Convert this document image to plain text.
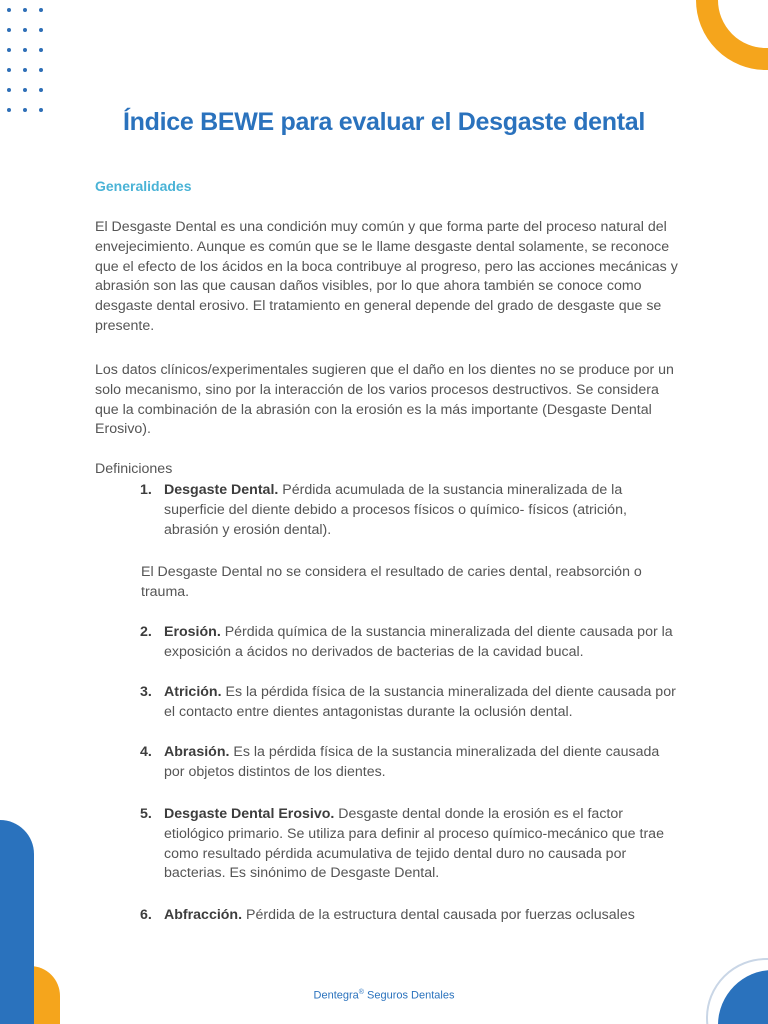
Índice BEWE para evaluar el Desgaste dental
Generalidades

El Desgaste Dental es una condición muy común y que forma parte del proceso natural del envejecimiento. Aunque es común que se le llame desgaste dental solamente, se reconoce que el efecto de los ácidos en la boca contribuye al progreso, pero las acciones mecánicas y abrasión son las que causan daños visibles, por lo que ahora también se conoce como desgaste dental erosivo. El tratamiento en general depende del grado de desgaste que se presente.

Los datos clínicos/experimentales sugieren que el daño en los dientes no se produce por un solo mecanismo, sino por la interacción de los varios procesos destructivos. Se considera que la combinación de la abrasión con la erosión es la más importante (Desgaste Dental Erosivo).

Definiciones

1. Desgaste Dental. Pérdida acumulada de la sustancia mineralizada de la superficie del diente debido a procesos físicos o químico- físicos (atrición, abrasión y erosión dental).

El Desgaste Dental no se considera el resultado de caries dental, reabsorción o trauma.

2. Erosión. Pérdida química de la sustancia mineralizada del diente causada por la exposición a ácidos no derivados de bacterias de la cavidad bucal.
3. Atrición. Es la pérdida física de la sustancia mineralizada del diente causada por el contacto entre dientes antagonistas durante la oclusión dental.
4. Abrasión. Es la pérdida física de la sustancia mineralizada del diente causada por objetos distintos de los dientes.
5. Desgaste Dental Erosivo. Desgaste dental donde la erosión es el factor etiológico primario. Se utiliza para definir al proceso químico-mecánico que trae como resultado pérdida acumulativa de tejido dental duro no causada por bacterias. Es sinónimo de Desgaste Dental.
6. Abfracción. Pérdida de la estructura dental causada por fuerzas oclusales
Dentegra® Seguros Dentales
